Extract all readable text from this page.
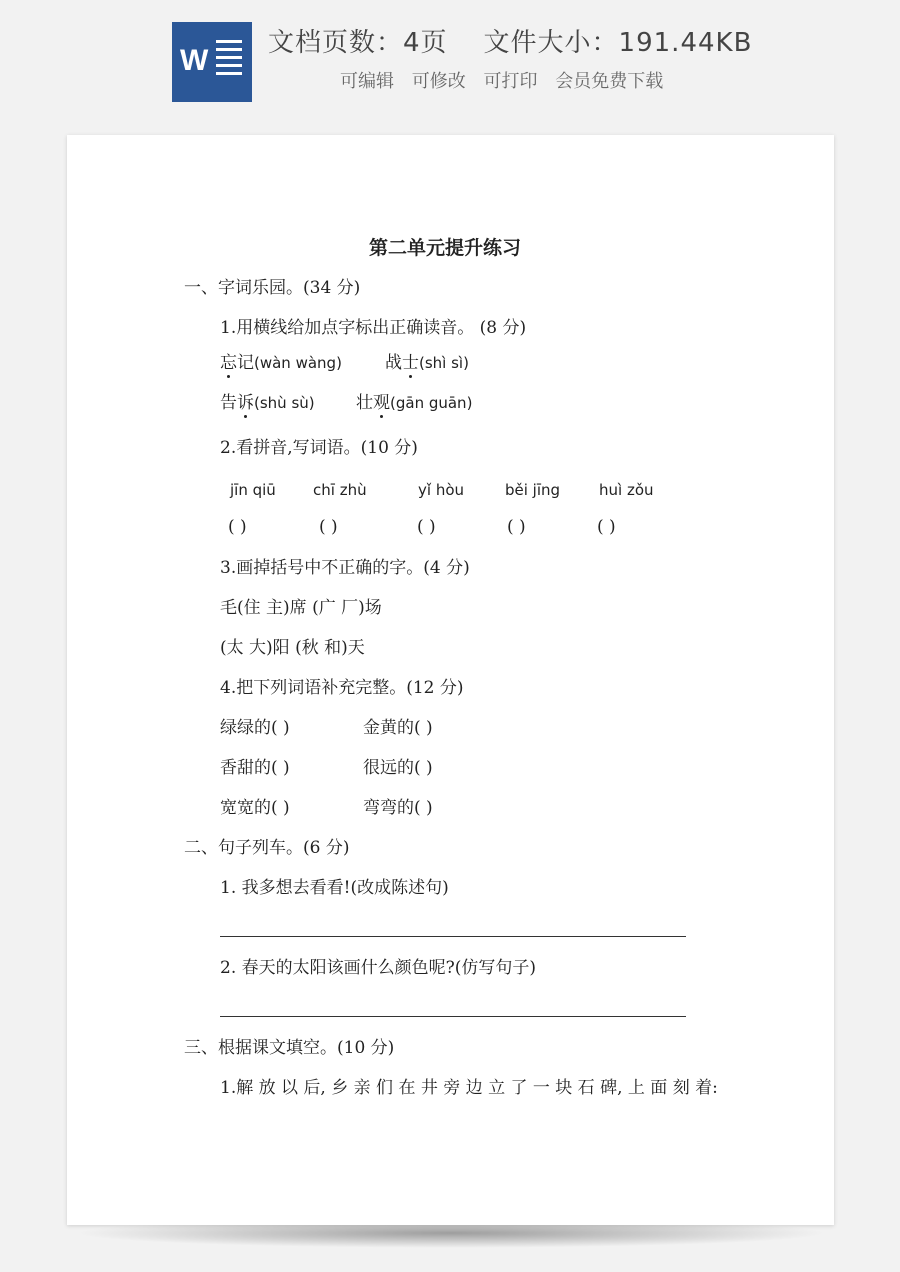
W
文档页数：4页 文件大小：191.44KB
可编辑 可修改 可打印 会员免费下载
第二单元提升练习
一、字词乐园。(34 分)
1.用横线给加点字标出正确读音。 (8 分)
忘记(wàn wàng)	战士(shì sì)
告诉(shù sù) 壮观(gān guān)
2.看拼音,写词语。(10 分)
jīn qiū chī zhù	yǐ hòu	běi jīng	huì zǒu
( )	( )	( )	( )	( )
3.画掉括号中不正确的字。(4 分)
毛(住 主)席 (广 厂)场
(太 大)阳 (秋 和)天
4.把下列词语补充完整。(12 分)
绿绿的( )	金黄的( )
香甜的( )	很远的( )
宽宽的( )	弯弯的( )
二、句子列车。(6 分)
1. 我多想去看看!(改成陈述句)
2. 春天的太阳该画什么颜色呢?(仿写句子)
三、根据课文填空。(10 分)
1.解 放 以 后, 乡 亲 们 在 井 旁 边 立 了 一 块 石 碑, 上 面 刻 着:
